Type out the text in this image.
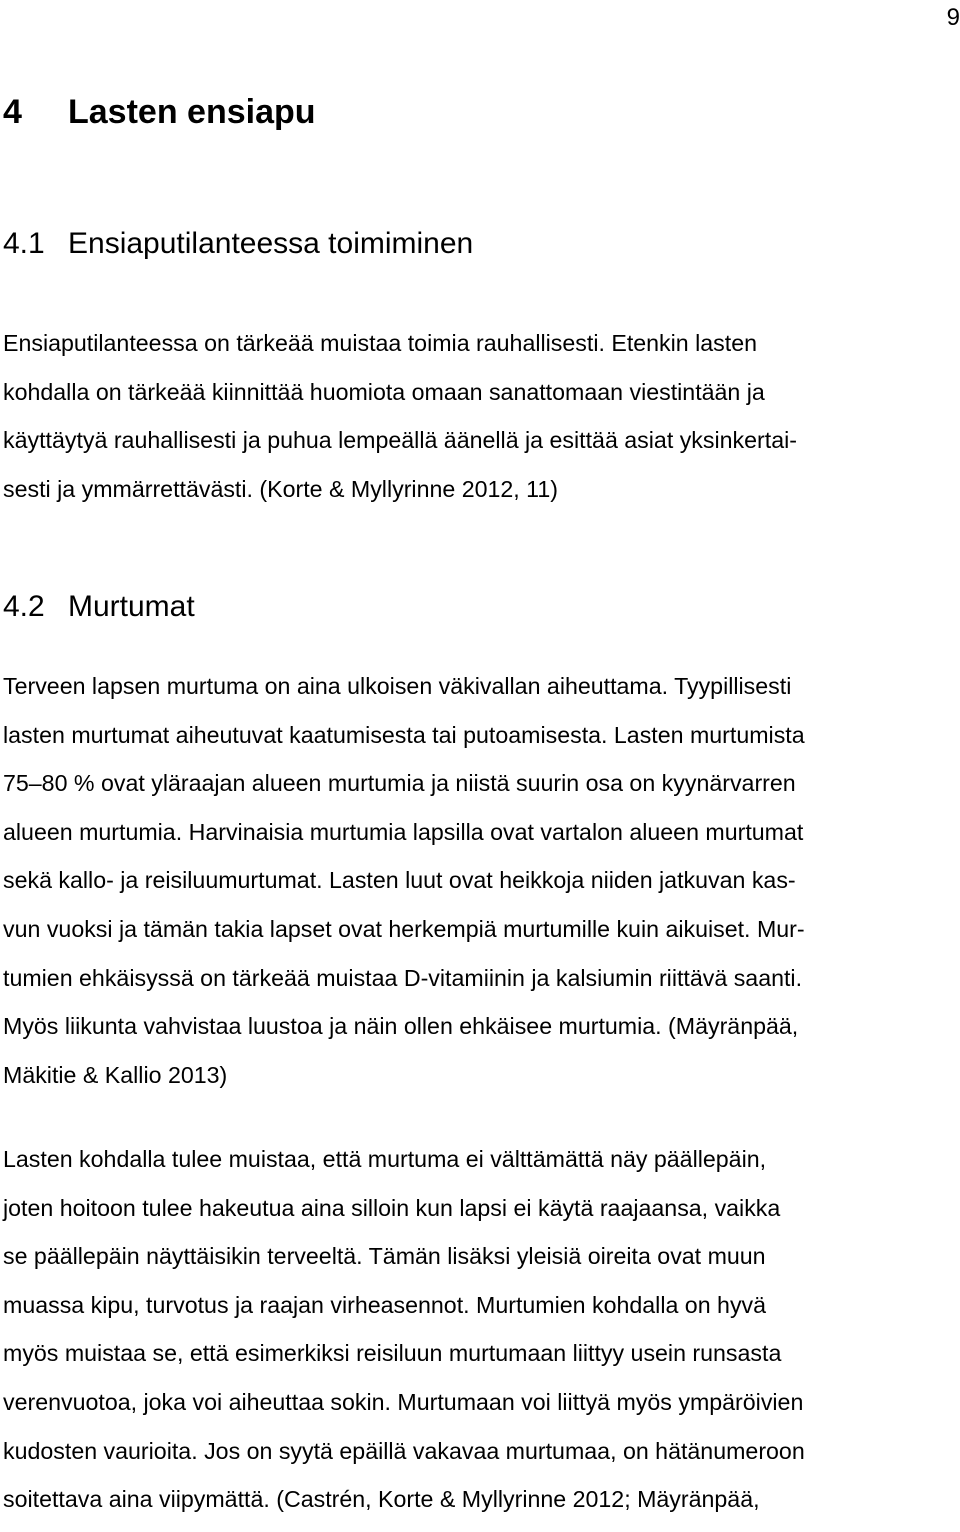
9
4 Lasten ensiapu
4.1 Ensiaputilanteessa toimiminen
4.2 Murtumat
Terveen lapsen murtuma on aina ulkoisen väkivallan aiheuttama. Tyypillisesti
lasten murtumat aiheutuvat kaatumisesta tai putoamisesta. Lasten murtumista
75–80 % ovat yläraajan alueen murtumia ja niistä suurin osa on kyynärvarren
alueen murtumia. Harvinaisia murtumia lapsilla ovat vartalon alueen murtumat
sekä kallo- ja reisiluumurtumat. Lasten luut ovat heikkoja niiden jatkuvan kas-
vun vuoksi ja tämän takia lapset ovat herkempiä murtumille kuin aikuiset. Mur-
tumien ehkäisyssä on tärkeää muistaa D-vitamiinin ja kalsiumin riittävä saanti.
Myös liikunta vahvistaa luustoa ja näin ollen ehkäisee murtumia. (Mäyränpää,
Mäkitie & Kallio 2013)
Lasten kohdalla tulee muistaa, että murtuma ei välttämättä näy päällepäin,
joten hoitoon tulee hakeutua aina silloin kun lapsi ei käytä raajaansa, vaikka
se päällepäin näyttäisikin terveeltä. Tämän lisäksi yleisiä oireita ovat muun
muassa kipu, turvotus ja raajan virheasennot. Murtumien kohdalla on hyvä
myös muistaa se, että esimerkiksi reisiluun murtumaan liittyy usein runsasta
verenvuotoa, joka voi aiheuttaa sokin. Murtumaan voi liittyä myös ympäröivien
kudosten vaurioita. Jos on syytä epäillä vakavaa murtumaa, on hätänumeroon
soitettava aina viipymättä. (Castrén, Korte & Myllyrinne 2012; Mäyränpää,
Ensiaputilanteessa on tärkeää muistaa toimia rauhallisesti. Etenkin lasten
kohdalla on tärkeää kiinnittää huomiota omaan sanattomaan viestintään ja
käyttäytyä rauhallisesti ja puhua lempeällä äänellä ja esittää asiat yksinkertai-
sesti ja ymmärrettävästi. (Korte & Myllyrinne 2012, 11)
